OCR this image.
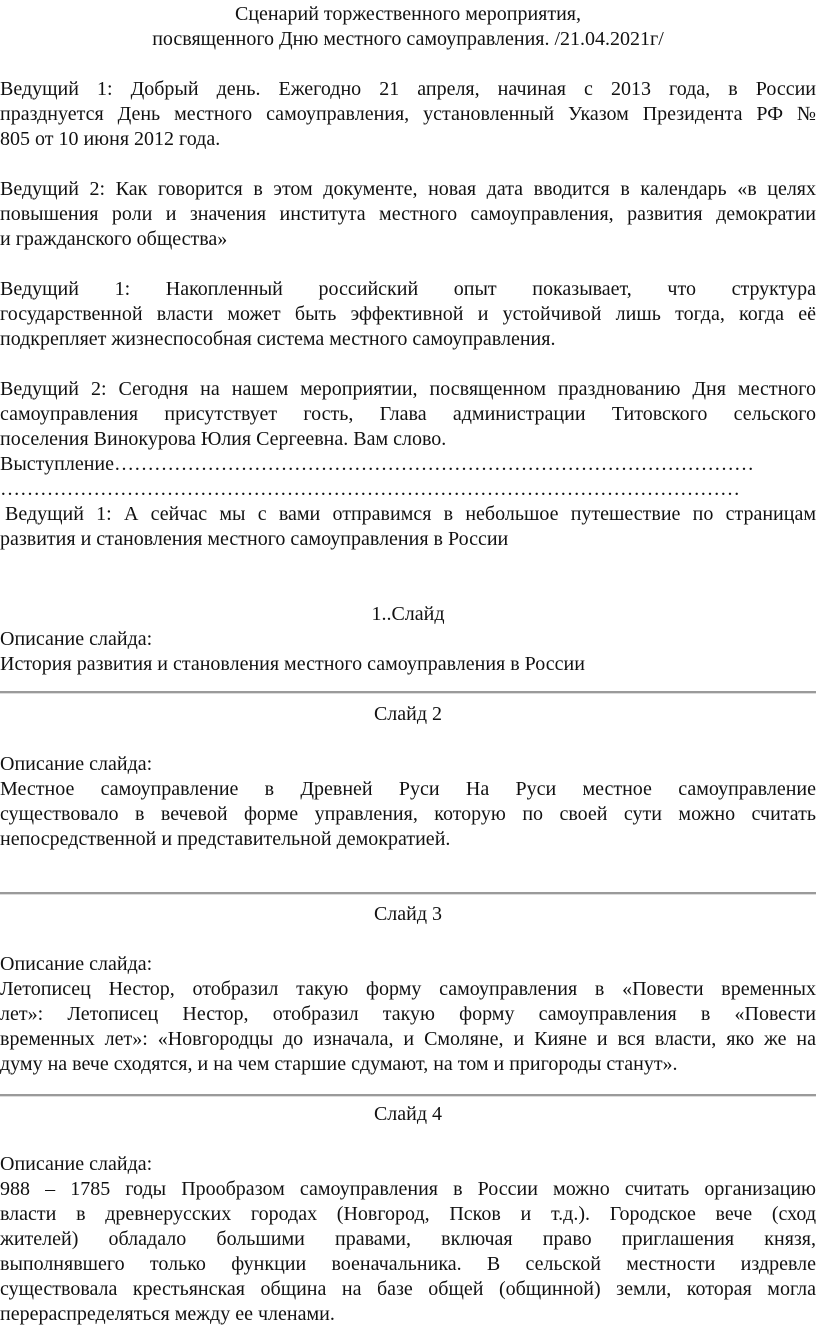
Сценарий торжественного мероприятия,
посвященного Дню местного самоуправления. /21.04.2021г/
Ведущий 1: Добрый день. Ежегодно 21 апреля, начиная с 2013 года, в России
празднуется День местного самоуправления, установленный Указом Президента РФ №
805 от 10 июня 2012 года.
Ведущий 2: Как говорится в этом документе, новая дата вводится в календарь «в целях
повышения роли и значения института местного самоуправления, развития демократии
и гражданского общества»
Ведущий 1: Накопленный российский опыт показывает, что структура
государственной власти может быть эффективной и устойчивой лишь тогда, когда её
подкрепляет жизнеспособная система местного самоуправления.
Ведущий 2: Сегодня на нашем мероприятии, посвященном празднованию Дня местного
самоуправления присутствует гость, Глава администрации Титовского сельского
поселения Винокурова Юлия Сергеевна. Вам слово.
Выступление……………………………………………………………………………………
…………………………………………………………………………………………………
Ведущий 1: А сейчас мы с вами отправимся в небольшое путешествие по страницам
развития и становления местного самоуправления в России
1..Слайд
Описание слайда:
История развития и становления местного самоуправления в России
Слайд 2
Описание слайда:
Местное самоуправление в Древней Руси На Руси местное самоуправление
существовало в вечевой форме управления, которую по своей сути можно считать
непосредственной и представительной демократией.
Слайд 3
Описание слайда:
Летописец Нестор, отобразил такую форму самоуправления в «Повести временных
лет»: Летописец Нестор, отобразил такую форму самоуправления в «Повести
временных лет»: «Новгородцы до изначала, и Смоляне, и Кияне и вся власти, яко же на
думу на вече сходятся, и на чем старшие сдумают, на том и пригороды станут».
Слайд 4
Описание слайда:
988 – 1785 годы Прообразом самоуправления в России можно считать организацию
власти в древнерусских городах (Новгород, Псков и т.д.). Городское вече (сход
жителей) обладало большими правами, включая право приглашения князя,
выполнявшего только функции военачальника. В сельской местности издревле
существовала крестьянская община на базе общей (общинной) земли, которая могла
перераспределяться между ее членами.
